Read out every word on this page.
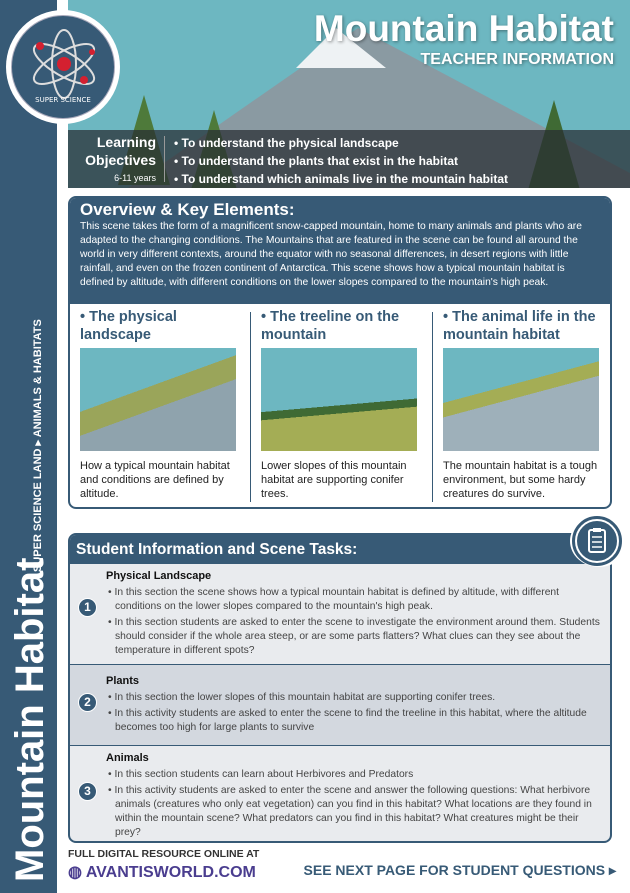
Mountain Habitat
SUPER SCIENCE LAND ▸ ANIMALS & HABITATS
Mountain Habitat
TEACHER INFORMATION
Learning
Objectives
6-11 years
• To understand the physical landscape
• To understand the plants that exist in the habitat
• To understand which animals live in the mountain habitat
SUPER SCIENCE
Overview & Key Elements:
This scene takes the form of a magnificent snow-capped mountain, home to many animals and plants who are adapted to the changing conditions. The Mountains that are featured in the scene can be found all around the world in very different contexts, around the equator with no seasonal differences, in desert regions with little rainfall, and even on the frozen continent of Antarctica. This scene shows how a typical mountain habitat is defined by altitude, with different conditions on the lower slopes compared to the mountain's high peak.
• The physical landscape
How a typical mountain habitat and conditions are defined by altitude.
• The treeline on the mountain
Lower slopes of this mountain habitat are supporting conifer trees.
• The animal life in the mountain habitat
The mountain habitat is a tough environment, but some hardy creatures do survive.
Student Information and Scene Tasks:
1
Physical Landscape
• In this section the scene shows how a typical mountain habitat is defined by altitude, with different conditions on the lower slopes compared to the mountain's high peak.
• In this section students are asked to enter the scene to investigate the environment around them. Students should consider if the whole area steep, or are some parts flatters? What clues can they see about the temperature in different spots?
2
Plants
• In this section the lower slopes of this mountain habitat are supporting conifer trees.
• In this activity students are asked to enter the scene to find the treeline in this habitat, where the altitude becomes too high for large plants to survive
3
Animals
• In this section students can learn about Herbivores and Predators
• In this activity students are asked to enter the scene and answer the following questions: What herbivore animals (creatures who only eat vegetation) can you find in this habitat? What locations are they found in within the mountain scene? What predators can you find in this habitat? What creatures might be their prey?
FULL DIGITAL RESOURCE ONLINE AT
◍ AVANTISWORLD.COM	SEE NEXT PAGE FOR STUDENT QUESTIONS ▸
